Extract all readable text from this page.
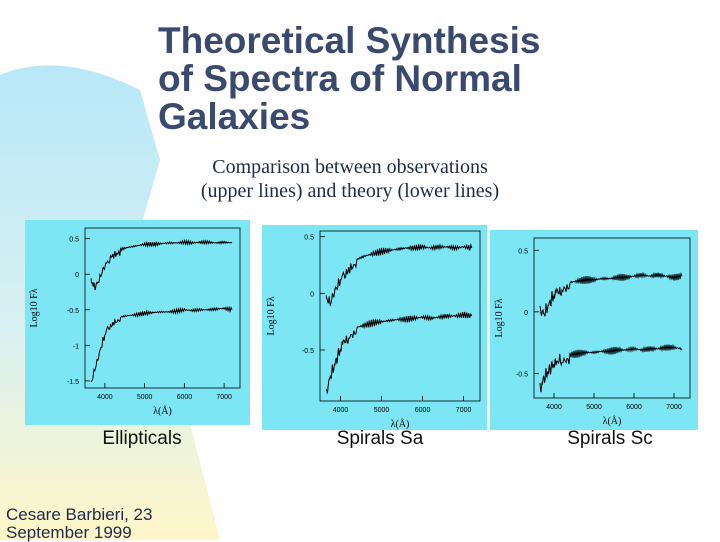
Theoretical Synthesis
of Spectra of Normal
Galaxies
Comparison between observations
(upper lines) and theory (lower lines)
0.5
0
-0.5
-1
-1.5
4000	5000	6000	7000
λ(Å)
Log10 Fλ
0.5
0
-0.5
4000	5000	6000	7000
λ(Å)
Log10 Fλ
0.5
0
-0.5
4000	5000	6000	7000
λ(Å)
Log10 Fλ
Ellipticals	Spirals Sa	Spirals Sc
Cesare Barbieri, 23
September 1999
